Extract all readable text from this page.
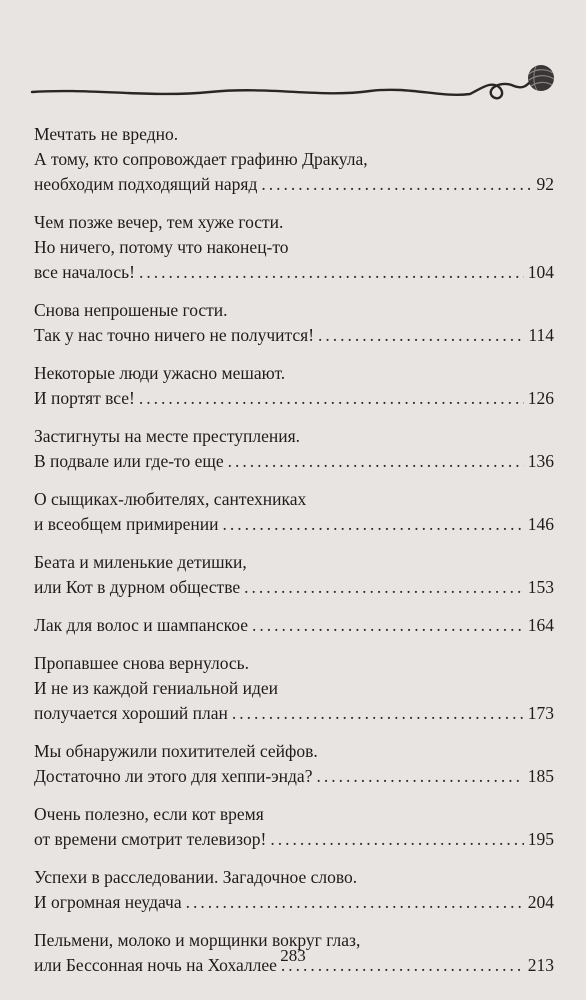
Мечтать не вредно.
А тому, кто сопровождает графиню Дракула,
необходим подходящий наряд .....	92
Чем позже вечер, тем хуже гости.
Но ничего, потому что наконец-то
все началось! .....	104
Снова непрошеные гости.
Так у нас точно ничего не получится! .....	114
Некоторые люди ужасно мешают.
И портят все! .....	126
Застигнуты на месте преступления.
В подвале или где-то еще .....	136
О сыщиках-любителях, сантехниках
и всеобщем примирении .....	146
Беата и миленькие детишки,
или Кот в дурном обществе .....	153
Лак для волос и шампанское .....	164
Пропавшее снова вернулось.
И не из каждой гениальной идеи
получается хороший план .....	173
Мы обнаружили похитителей сейфов.
Достаточно ли этого для хеппи-энда? .....	185
Очень полезно, если кот время
от времени смотрит телевизор! .....	195
Успехи в расследовании. Загадочное слово.
И огромная неудача .....	204
Пельмени, молоко и морщинки вокруг глаз,
или Бессонная ночь на Хохаллее .....	213
283
